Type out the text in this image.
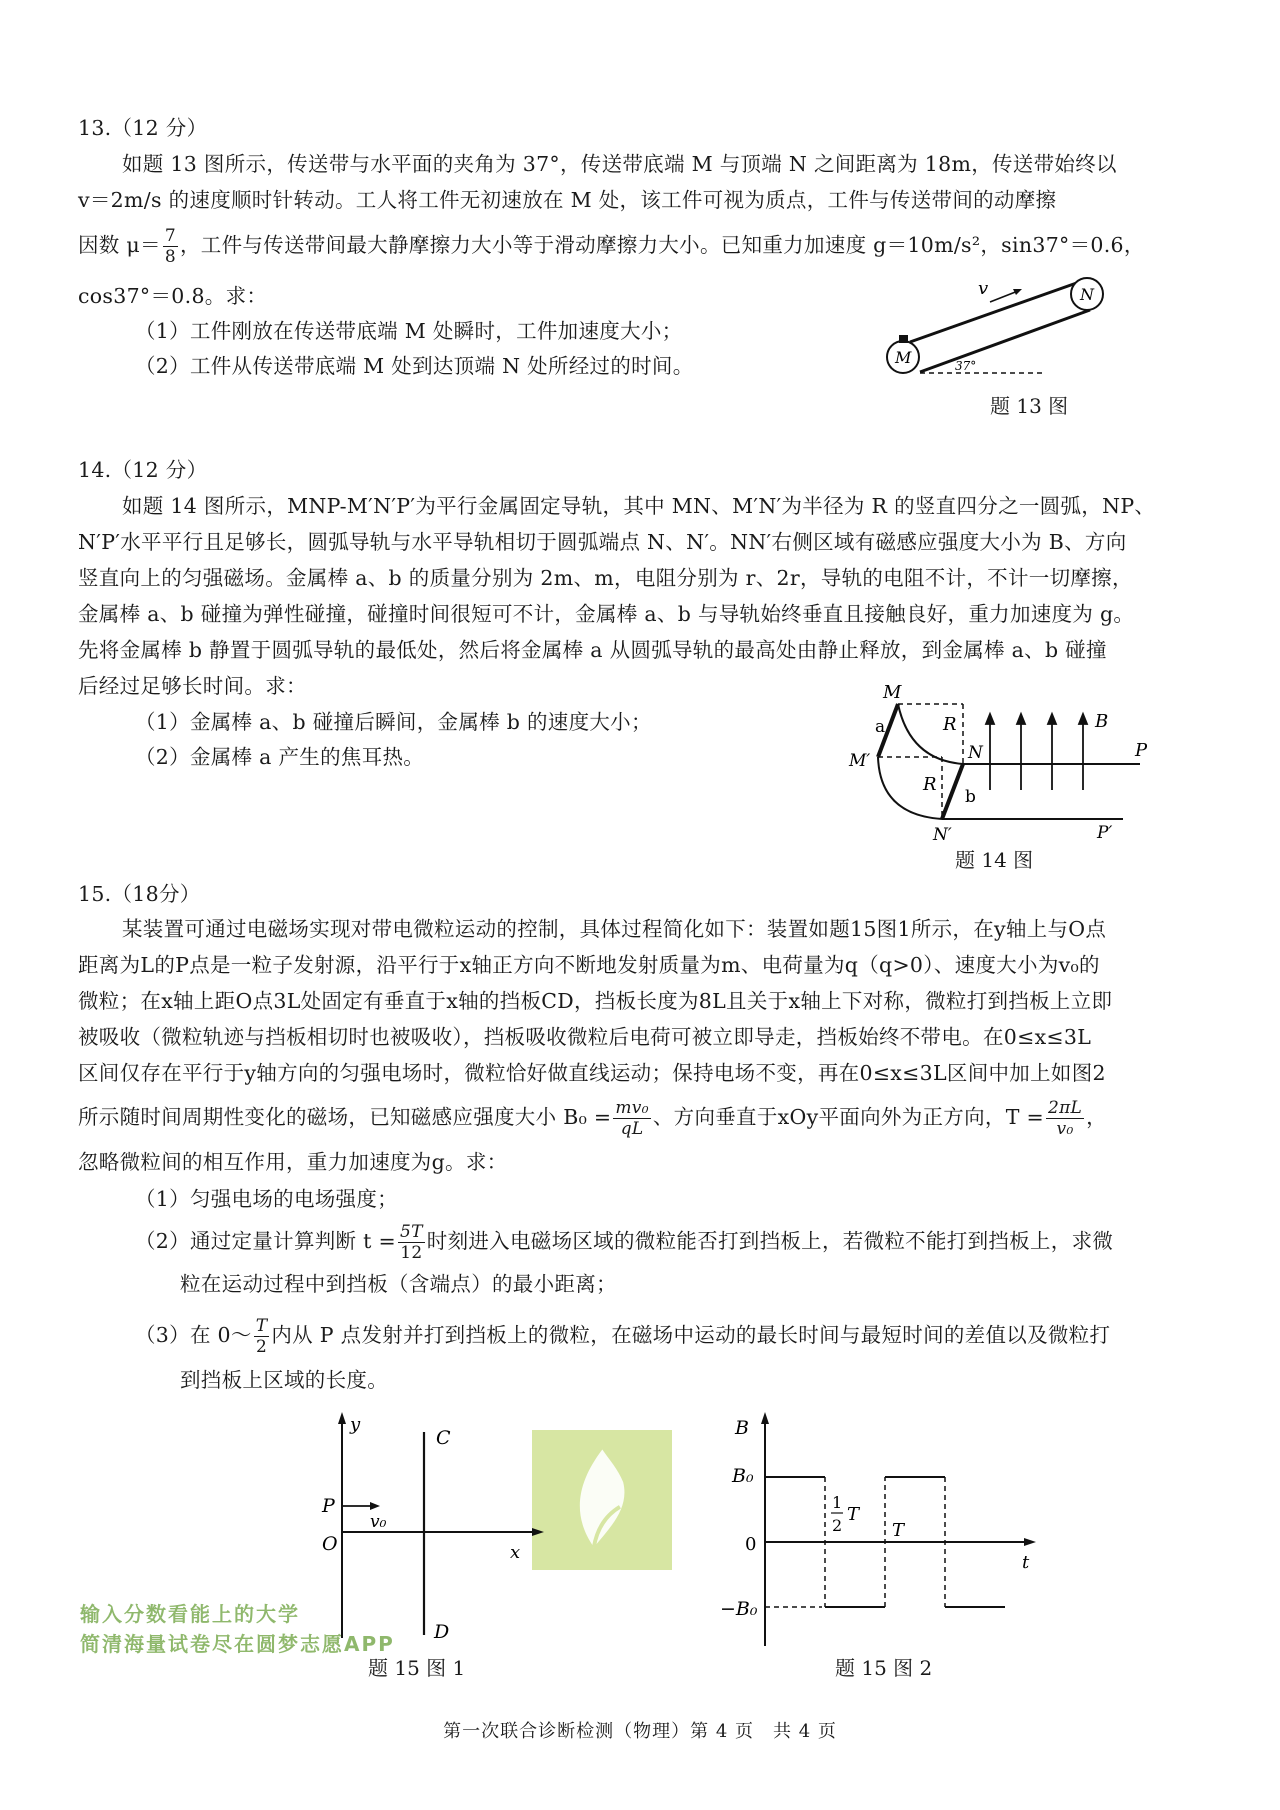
输入分数看能上的大学
简清海量试卷尽在圆梦志愿APP
13.（12 分）
如题 13 图所示，传送带与水平面的夹角为 37°，传送带底端 M 与顶端 N 之间距离为 18m，传送带始终以
v＝2m/s 的速度顺时针转动。工人将工件无初速放在 M 处，该工件可视为质点，工件与传送带间的动摩擦
因数 $\mu= \frac{7}{8}$ ，工件与传送带间最大静摩擦力大小等于滑动摩擦力大小。已知重力加速度 g＝10m/s²，sin37°＝0.6，
cos37°＝0.8。求：
（1）工件刚放在传送带底端 M 处瞬时，工件加速度大小；
（2）工件从传送带底端 M 处到达顶端 N 处所经过的时间。
v	N
M	37°
题 13 图
14.（12 分）
如题 14 图所示，MNP-M′N′P′为平行金属固定导轨，其中 MN、M′N′为半径为 R 的竖直四分之一圆弧，NP、
N′P′水平平行且足够长，圆弧导轨与水平导轨相切于圆弧端点 N、N′。NN′右侧区域有磁感应强度大小为 B、方向
竖直向上的匀强磁场。金属棒 a、b 的质量分别为 2m、m，电阻分别为 r、2r，导轨的电阻不计，不计一切摩擦，
金属棒 a、b 碰撞为弹性碰撞，碰撞时间很短可不计，金属棒 a、b 与导轨始终垂直且接触良好，重力加速度为 g。
先将金属棒 b 静置于圆弧导轨的最低处，然后将金属棒 a 从圆弧导轨的最高处由静止释放，到金属棒 a、b 碰撞
后经过足够长时间。求：
（1）金属棒 a、b 碰撞后瞬间，金属棒 b 的速度大小；
（2）金属棒 a 产生的焦耳热。
M
a	R	B
N	P
M′
R
b
N′	P′
题 14 图
15.（18分）
某装置可通过电磁场实现对带电微粒运动的控制，具体过程简化如下：装置如题15图1所示，在y轴上与O点
距离为L的P点是一粒子发射源，沿平行于x轴正方向不断地发射质量为m、电荷量为q（q>0）、速度大小为v₀的
微粒；在x轴上距O点3L处固定有垂直于x轴的挡板CD，挡板长度为8L且关于x轴上下对称，微粒打到挡板上立即
被吸收（微粒轨迹与挡板相切时也被吸收），挡板吸收微粒后电荷可被立即导走，挡板始终不带电。在0≤x≤3L
区间仅存在平行于y轴方向的匀强电场时，微粒恰好做直线运动；保持电场不变，再在0≤x≤3L区间中加上如图2
所示随时间周期性变化的磁场，已知磁感应强度大小 $B_0 = \frac{\text{mv₀}}{qL}$ 、方向垂直于xOy平面向外为正方向，$T = \frac{2\pi L}{\text{v₀}}$ ，
忽略微粒间的相互作用，重力加速度为g。求：
（1）匀强电场的电场强度；
（2）通过定量计算判断 $t = \frac{5T}{12}$ 时刻进入电磁场区域的微粒能否打到挡板上，若微粒不能打到挡板上，求微
粒在运动过程中到挡板（含端点）的最小距离；
（3）在 0～ $\frac{T}{2}$ 内从 P 点发射并打到挡板上的微粒，在磁场中运动的最长时间与最短时间的差值以及微粒打
到挡板上区域的长度。
y
C
P
v₀
O	x
D
题 15 图 1
B
B₀
0
−B₀
1
2
T
T
t
题 15 图 2
第一次联合诊断检测（物理）第 4 页　共 4 页
